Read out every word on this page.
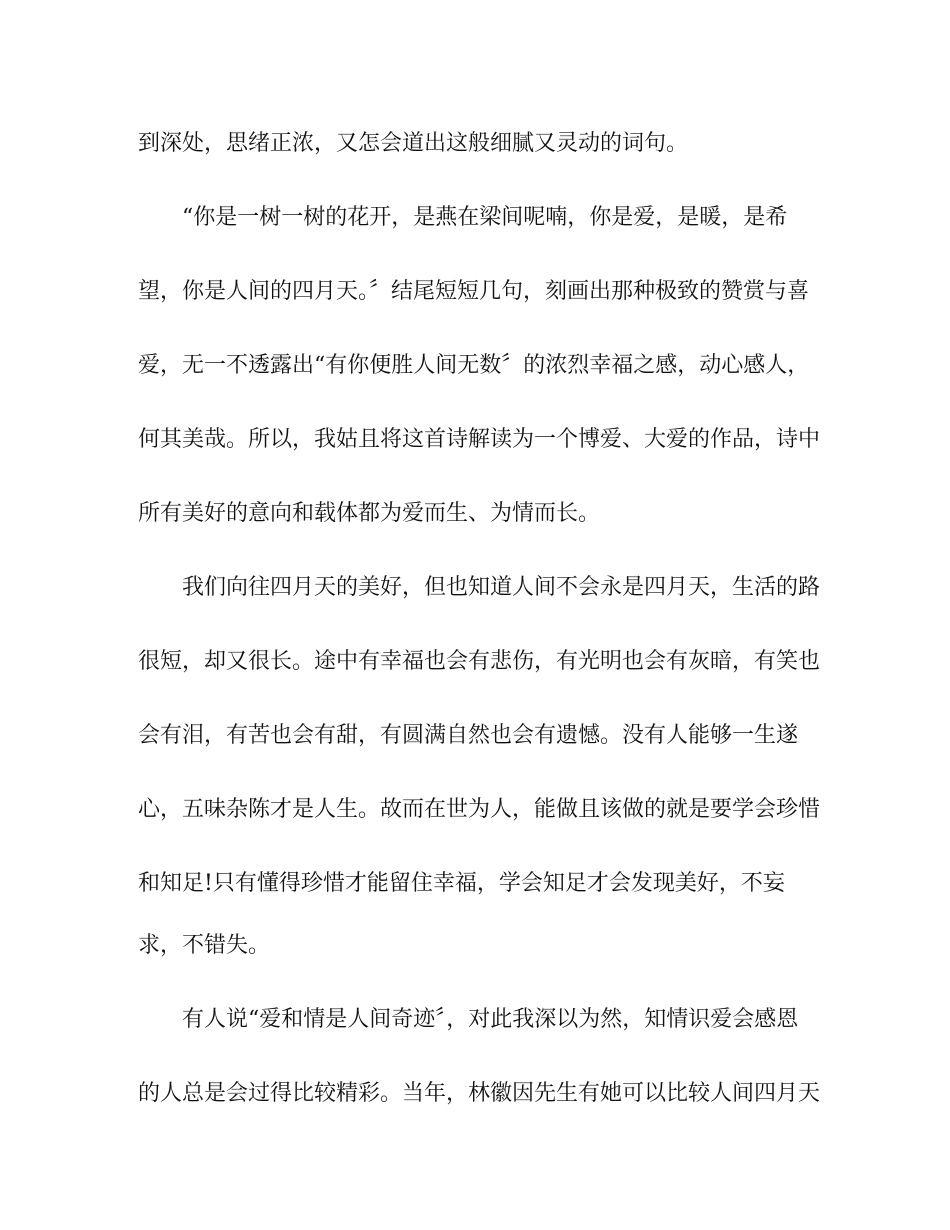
到深处，思绪正浓，又怎会道出这般细腻又灵动的词句。
“你是一树一树的花开，是燕在梁间呢喃，你是爱，是暖，是希
望，你是人间的四月天。〞结尾短短几句，刻画出那种极致的赞赏与喜
爱，无一不透露出“有你便胜人间无数〞的浓烈幸福之感，动心感人，
何其美哉。所以，我姑且将这首诗解读为一个博爱、大爱的作品，诗中
所有美好的意向和载体都为爱而生、为情而长。
我们向往四月天的美好，但也知道人间不会永是四月天，生活的路
很短，却又很长。途中有幸福也会有悲伤，有光明也会有灰暗，有笑也
会有泪，有苦也会有甜，有圆满自然也会有遗憾。没有人能够一生遂
心，五味杂陈才是人生。故而在世为人，能做且该做的就是要学会珍惜
和知足!只有懂得珍惜才能留住幸福，学会知足才会发现美好，不妄
求，不错失。
有人说“爱和情是人间奇迹〞，对此我深以为然，知情识爱会感恩
的人总是会过得比较精彩。当年，林徽因先生有她可以比较人间四月天
